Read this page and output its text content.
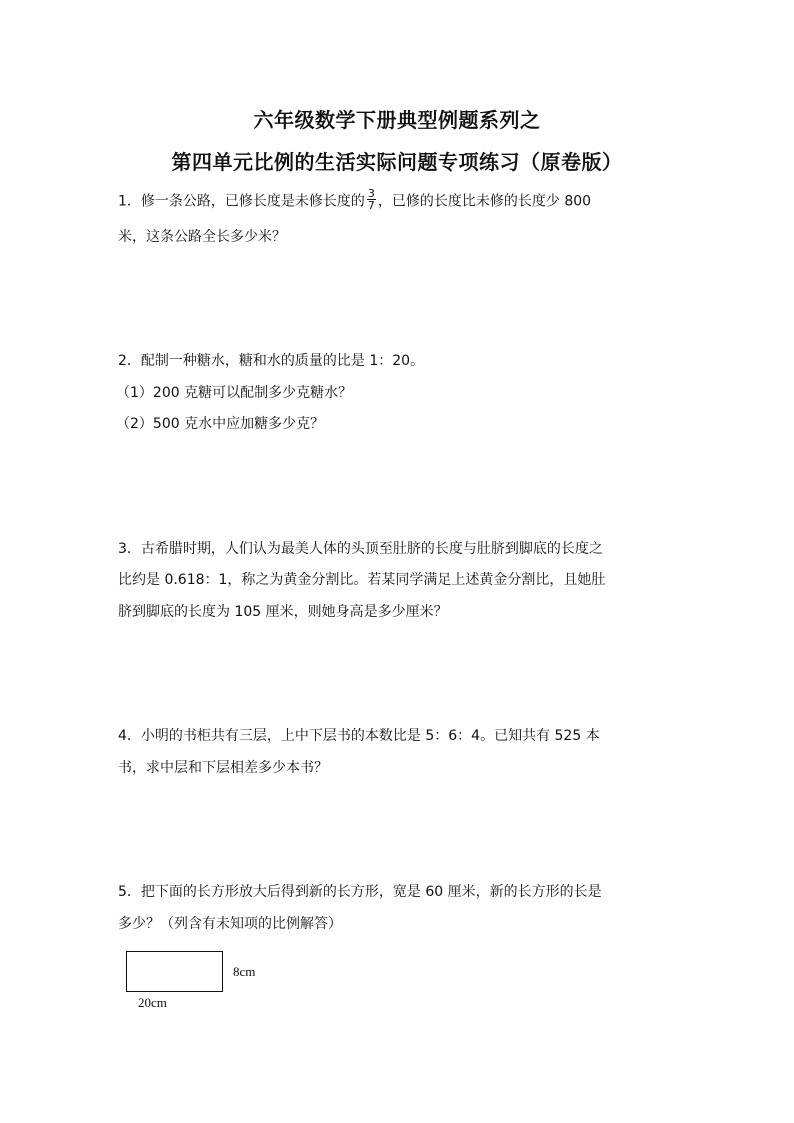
六年级数学下册典型例题系列之
第四单元比例的生活实际问题专项练习（原卷版）
1．修一条公路，已修长度是未修长度的 $\frac{3}{7}$ ，已修的长度比未修的长度少 800
米，这条公路全长多少米？
2．配制一种糖水，糖和水的质量的比是 1：20。
（1）200 克糖可以配制多少克糖水？
（2）500 克水中应加糖多少克？
3．古希腊时期，人们认为最美人体的头顶至肚脐的长度与肚脐到脚底的长度之
比约是 0.618：1，称之为黄金分割比。若某同学满足上述黄金分割比，且她肚
脐到脚底的长度为 105 厘米，则她身高是多少厘米？
4．小明的书柜共有三层，上中下层书的本数比是 5：6：4。已知共有 525 本
书，求中层和下层相差多少本书？
5．把下面的长方形放大后得到新的长方形，宽是 60 厘米，新的长方形的长是
多少？（列含有未知项的比例解答）
8cm
20cm
